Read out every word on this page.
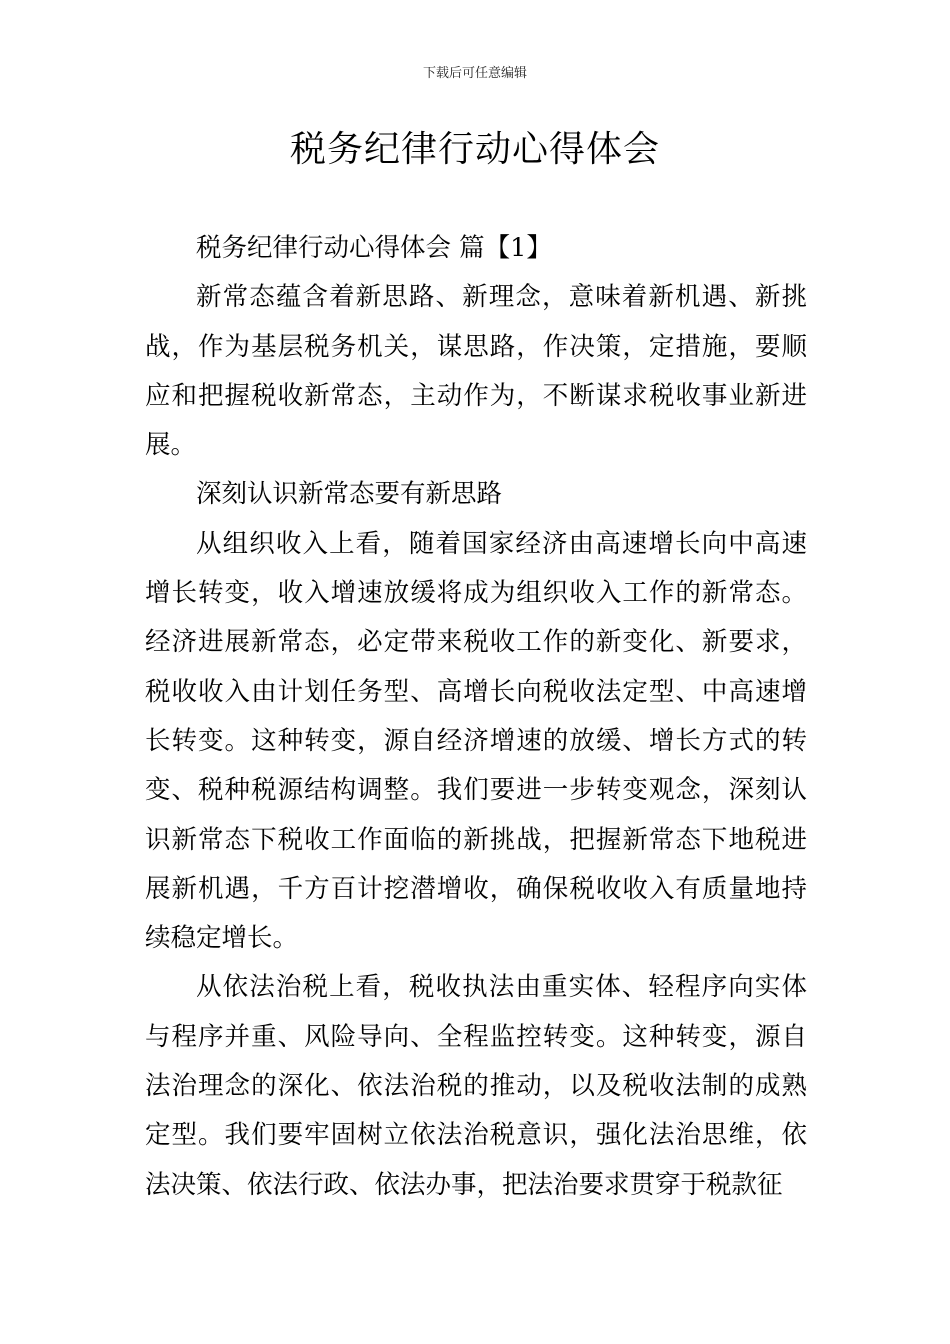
下载后可任意编辑
税务纪律行动心得体会

税务纪律行动心得体会 篇【1】

新常态蕴含着新思路、新理念，意味着新机遇、新挑战，作为基层税务机关，谋思路，作决策，定措施，要顺应和把握税收新常态，主动作为，不断谋求税收事业新进展。

深刻认识新常态要有新思路

从组织收入上看，随着国家经济由高速增长向中高速增长转变，收入增速放缓将成为组织收入工作的新常态。经济进展新常态，必定带来税收工作的新变化、新要求，税收收入由计划任务型、高增长向税收法定型、中高速增长转变。这种转变，源自经济增速的放缓、增长方式的转变、税种税源结构调整。我们要进一步转变观念，深刻认识新常态下税收工作面临的新挑战，把握新常态下地税进展新机遇，千方百计挖潜增收，确保税收收入有质量地持续稳定增长。

从依法治税上看，税收执法由重实体、轻程序向实体与程序并重、风险导向、全程监控转变。这种转变，源自法治理念的深化、依法治税的推动，以及税收法制的成熟定型。我们要牢固树立依法治税意识，强化法治思维，依法决策、依法行政、依法办事，把法治要求贯穿于税款征
